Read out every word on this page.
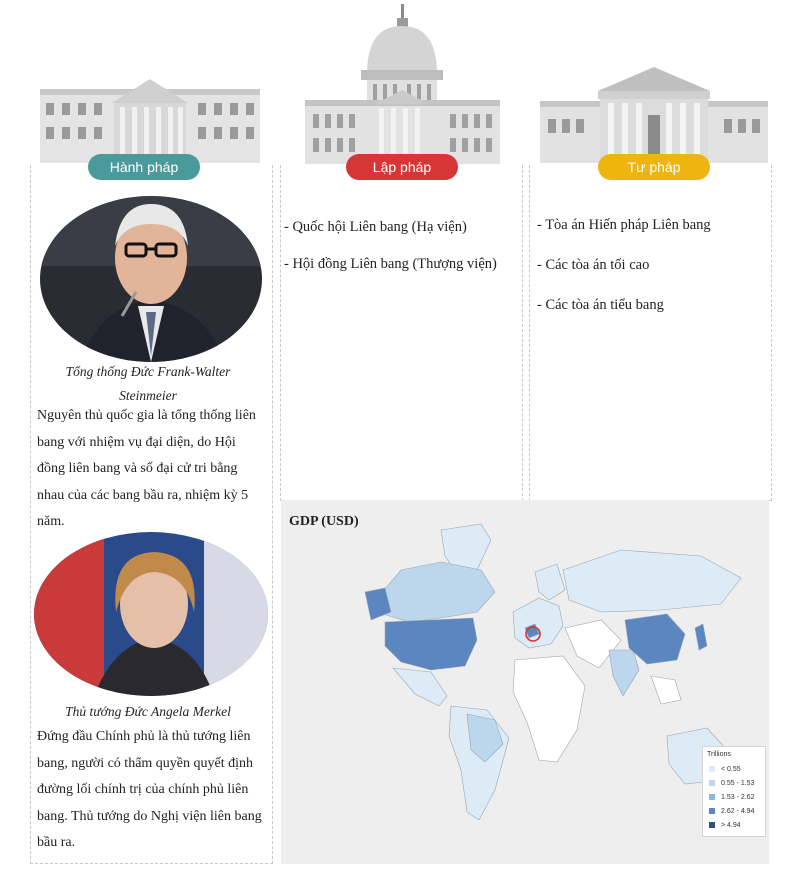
Hành pháp	Lập pháp	Tư pháp
Tổng thống Đức Frank-Walter Steinmeier
Nguyên thủ quốc gia là tổng thống liên bang với nhiệm vụ đại diện, do Hội đồng liên bang và số đại cử tri bằng nhau của các bang bầu ra, nhiệm kỳ 5 năm.
Thủ tướng Đức Angela Merkel
Đứng đầu Chính phủ là thủ tướng liên bang, người có thẩm quyền quyết định đường lối chính trị của chính phủ liên bang. Thủ tướng do Nghị viện liên bang bầu ra.
- Quốc hội Liên bang (Hạ viện)
- Hội đồng Liên bang (Thượng viện)
- Tòa án Hiến pháp Liên bang
- Các tòa án tối cao
- Các tòa án tiểu bang
GDP (USD)
Trillions
< 0.55
0.55 - 1.53
1.53 - 2.62
2.62 - 4.94
> 4.94
